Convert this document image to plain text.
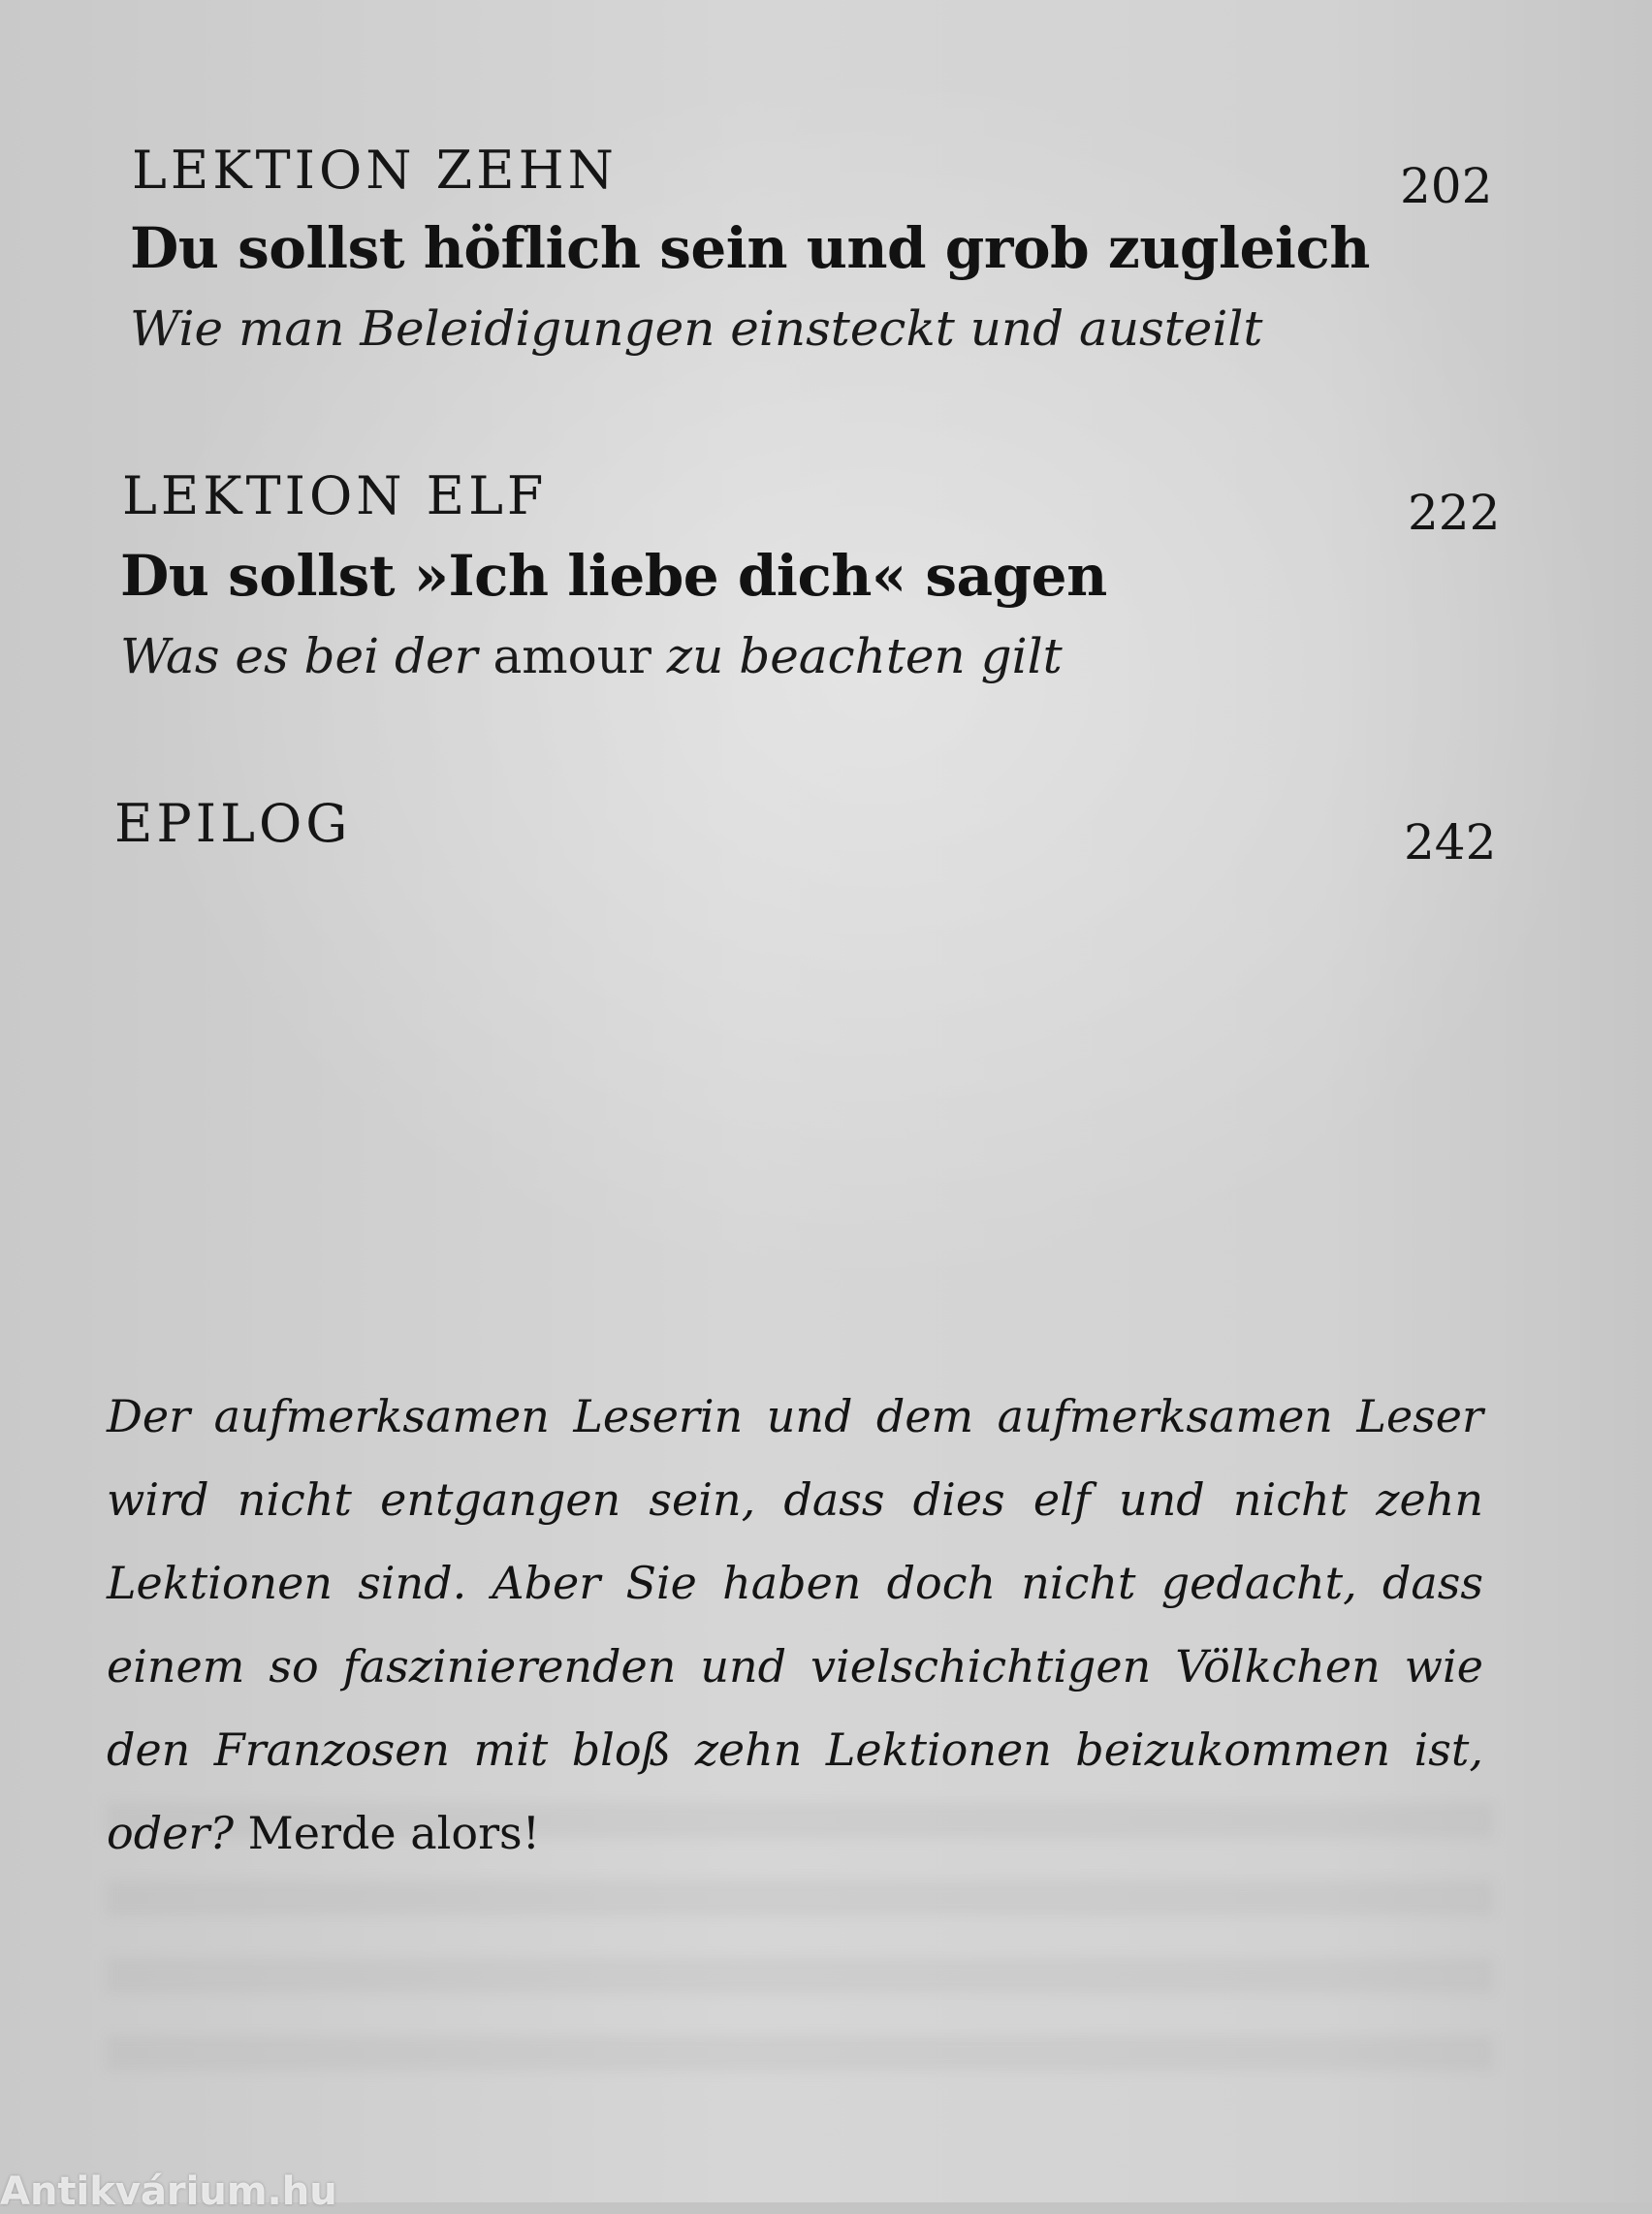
LEKTION ZEHN	202
Du sollst höflich sein und grob zugleich
Wie man Beleidigungen einsteckt und austeilt
LEKTION ELF	222
Du sollst »Ich liebe dich« sagen
Was es bei der amour zu beachten gilt
EPILOG	242

Der aufmerksamen Leserin und dem aufmerksamen Leser wird nicht entgangen sein, dass dies elf und nicht zehn Lektionen sind. Aber Sie haben doch nicht gedacht, dass einem so faszinierenden und vielschichtigen Völkchen wie den Franzosen mit bloß zehn Lektionen beizukommen ist, oder? Merde alors!

Antikvárium.hu
